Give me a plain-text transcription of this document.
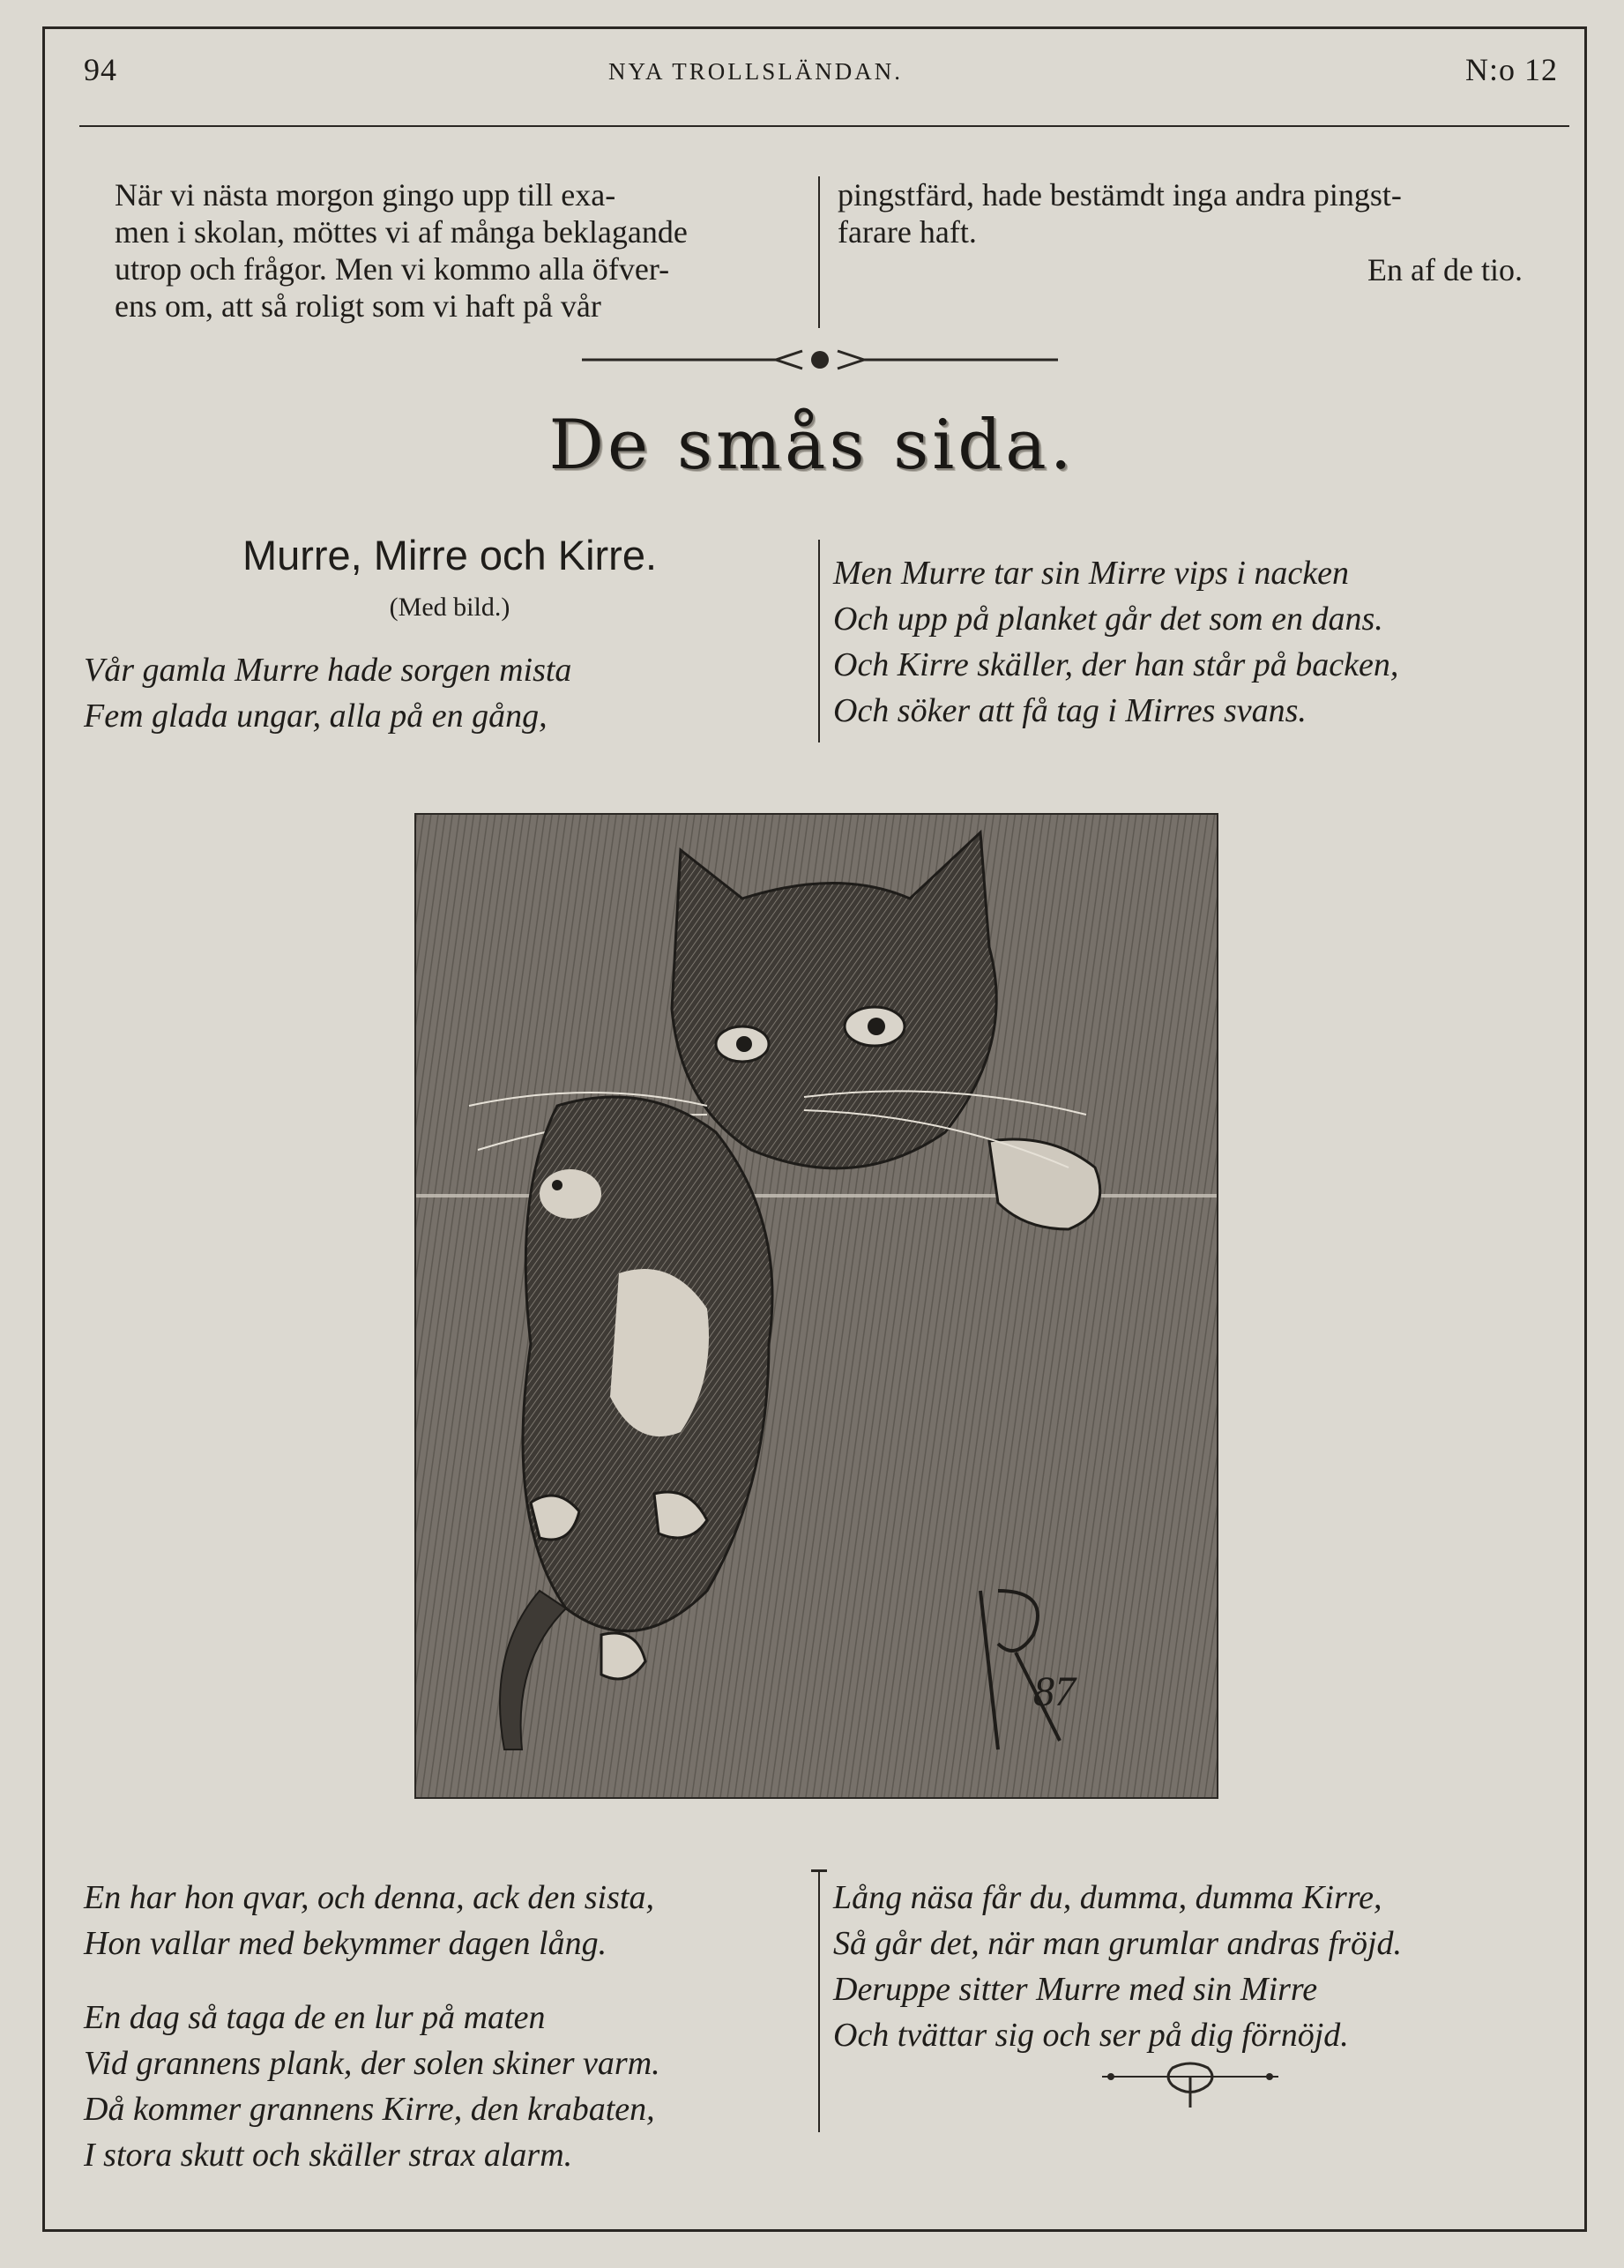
94	NYA TROLLSLÄNDAN.	N:o 12

När vi nästa morgon gingo upp till exa-

men i skolan, möttes vi af många beklagande

utrop och frågor. Men vi kommo alla öfver-

ens om, att så roligt som vi haft på vår

pingstfärd, hade bestämdt inga andra pingst-

farare haft.

En af de tio.
De smås sida.
Murre, Mirre och Kirre.
(Med bild.)
Vår gamla Murre hade sorgen mista
Fem glada ungar, alla på en gång,
Men Murre tar sin Mirre vips i nacken
Och upp på planket går det som en dans.
Och Kirre skäller, der han står på backen,
Och söker att få tag i Mirres svans.
87
En har hon qvar, och denna, ack den sista,
Hon vallar med bekymmer dagen lång.
En dag så taga de en lur på maten
Vid grannens plank, der solen skiner varm.
Då kommer grannens Kirre, den krabaten,
I stora skutt och skäller strax alarm.
Lång näsa får du, dumma, dumma Kirre,
Så går det, när man grumlar andras fröjd.
Deruppe sitter Murre med sin Mirre
Och tvättar sig och ser på dig förnöjd.
